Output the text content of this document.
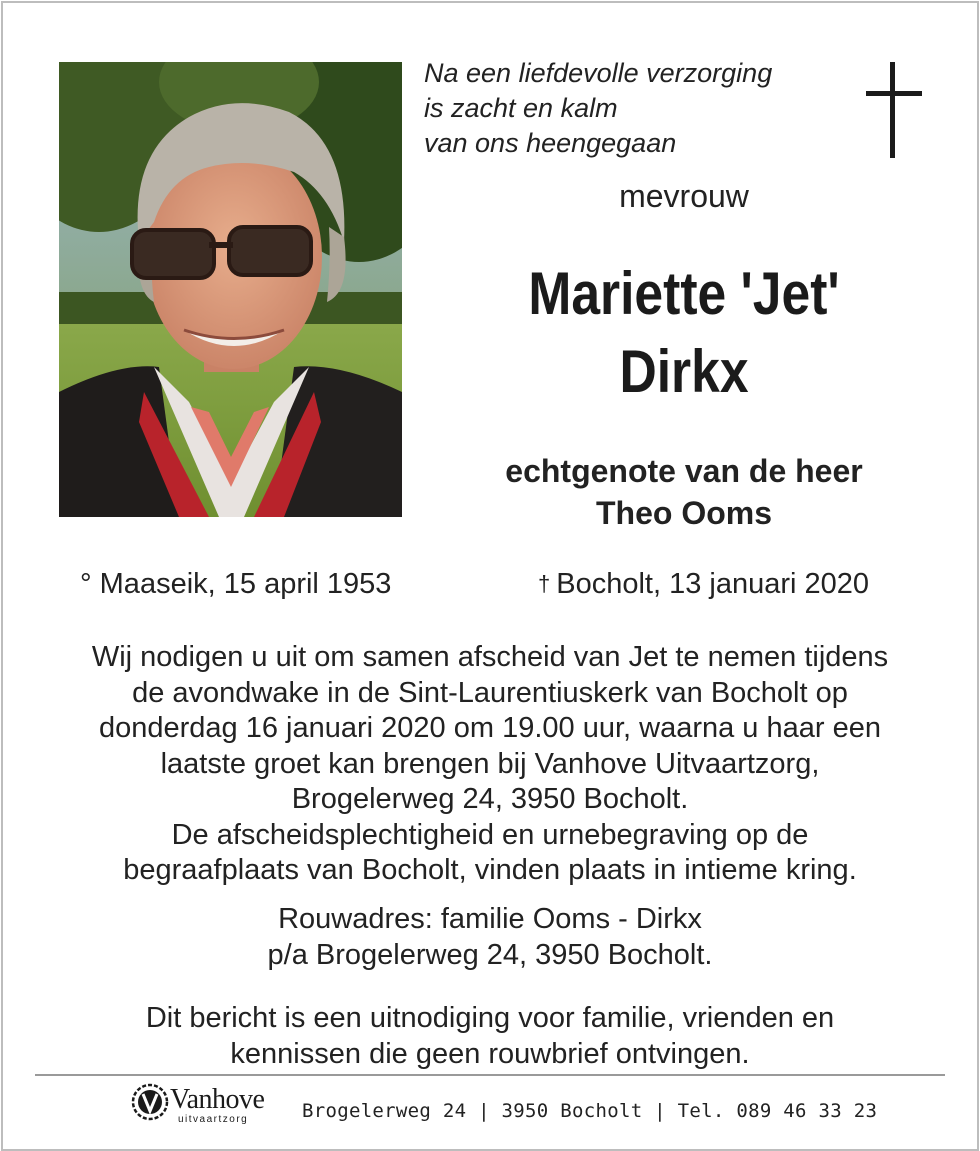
Na een liefdevolle verzorging
is zacht en kalm
van ons heengegaan
mevrouw
Mariette 'Jet'
Dirkx
echtgenote van de heer
Theo Ooms
° Maaseik, 15 april 1953	† Bocholt, 13 januari 2020
Wij nodigen u uit om samen afscheid van Jet te nemen tijdens
de avondwake in de Sint-Laurentiuskerk van Bocholt op
donderdag 16 januari 2020 om 19.00 uur, waarna u haar een
laatste groet kan brengen bij Vanhove Uitvaartzorg,
Brogelerweg 24, 3950 Bocholt.
De afscheidsplechtigheid en urnebegraving op de
begraafplaats van Bocholt, vinden plaats in intieme kring.
Rouwadres: familie Ooms - Dirkx
p/a Brogelerweg 24, 3950 Bocholt.
Dit bericht is een uitnodiging voor familie, vrienden en
kennissen die geen rouwbrief ontvingen.
Vanhove
uitvaartzorg	Brogelerweg 24 | 3950 Bocholt | Tel. 089 46 33 23
